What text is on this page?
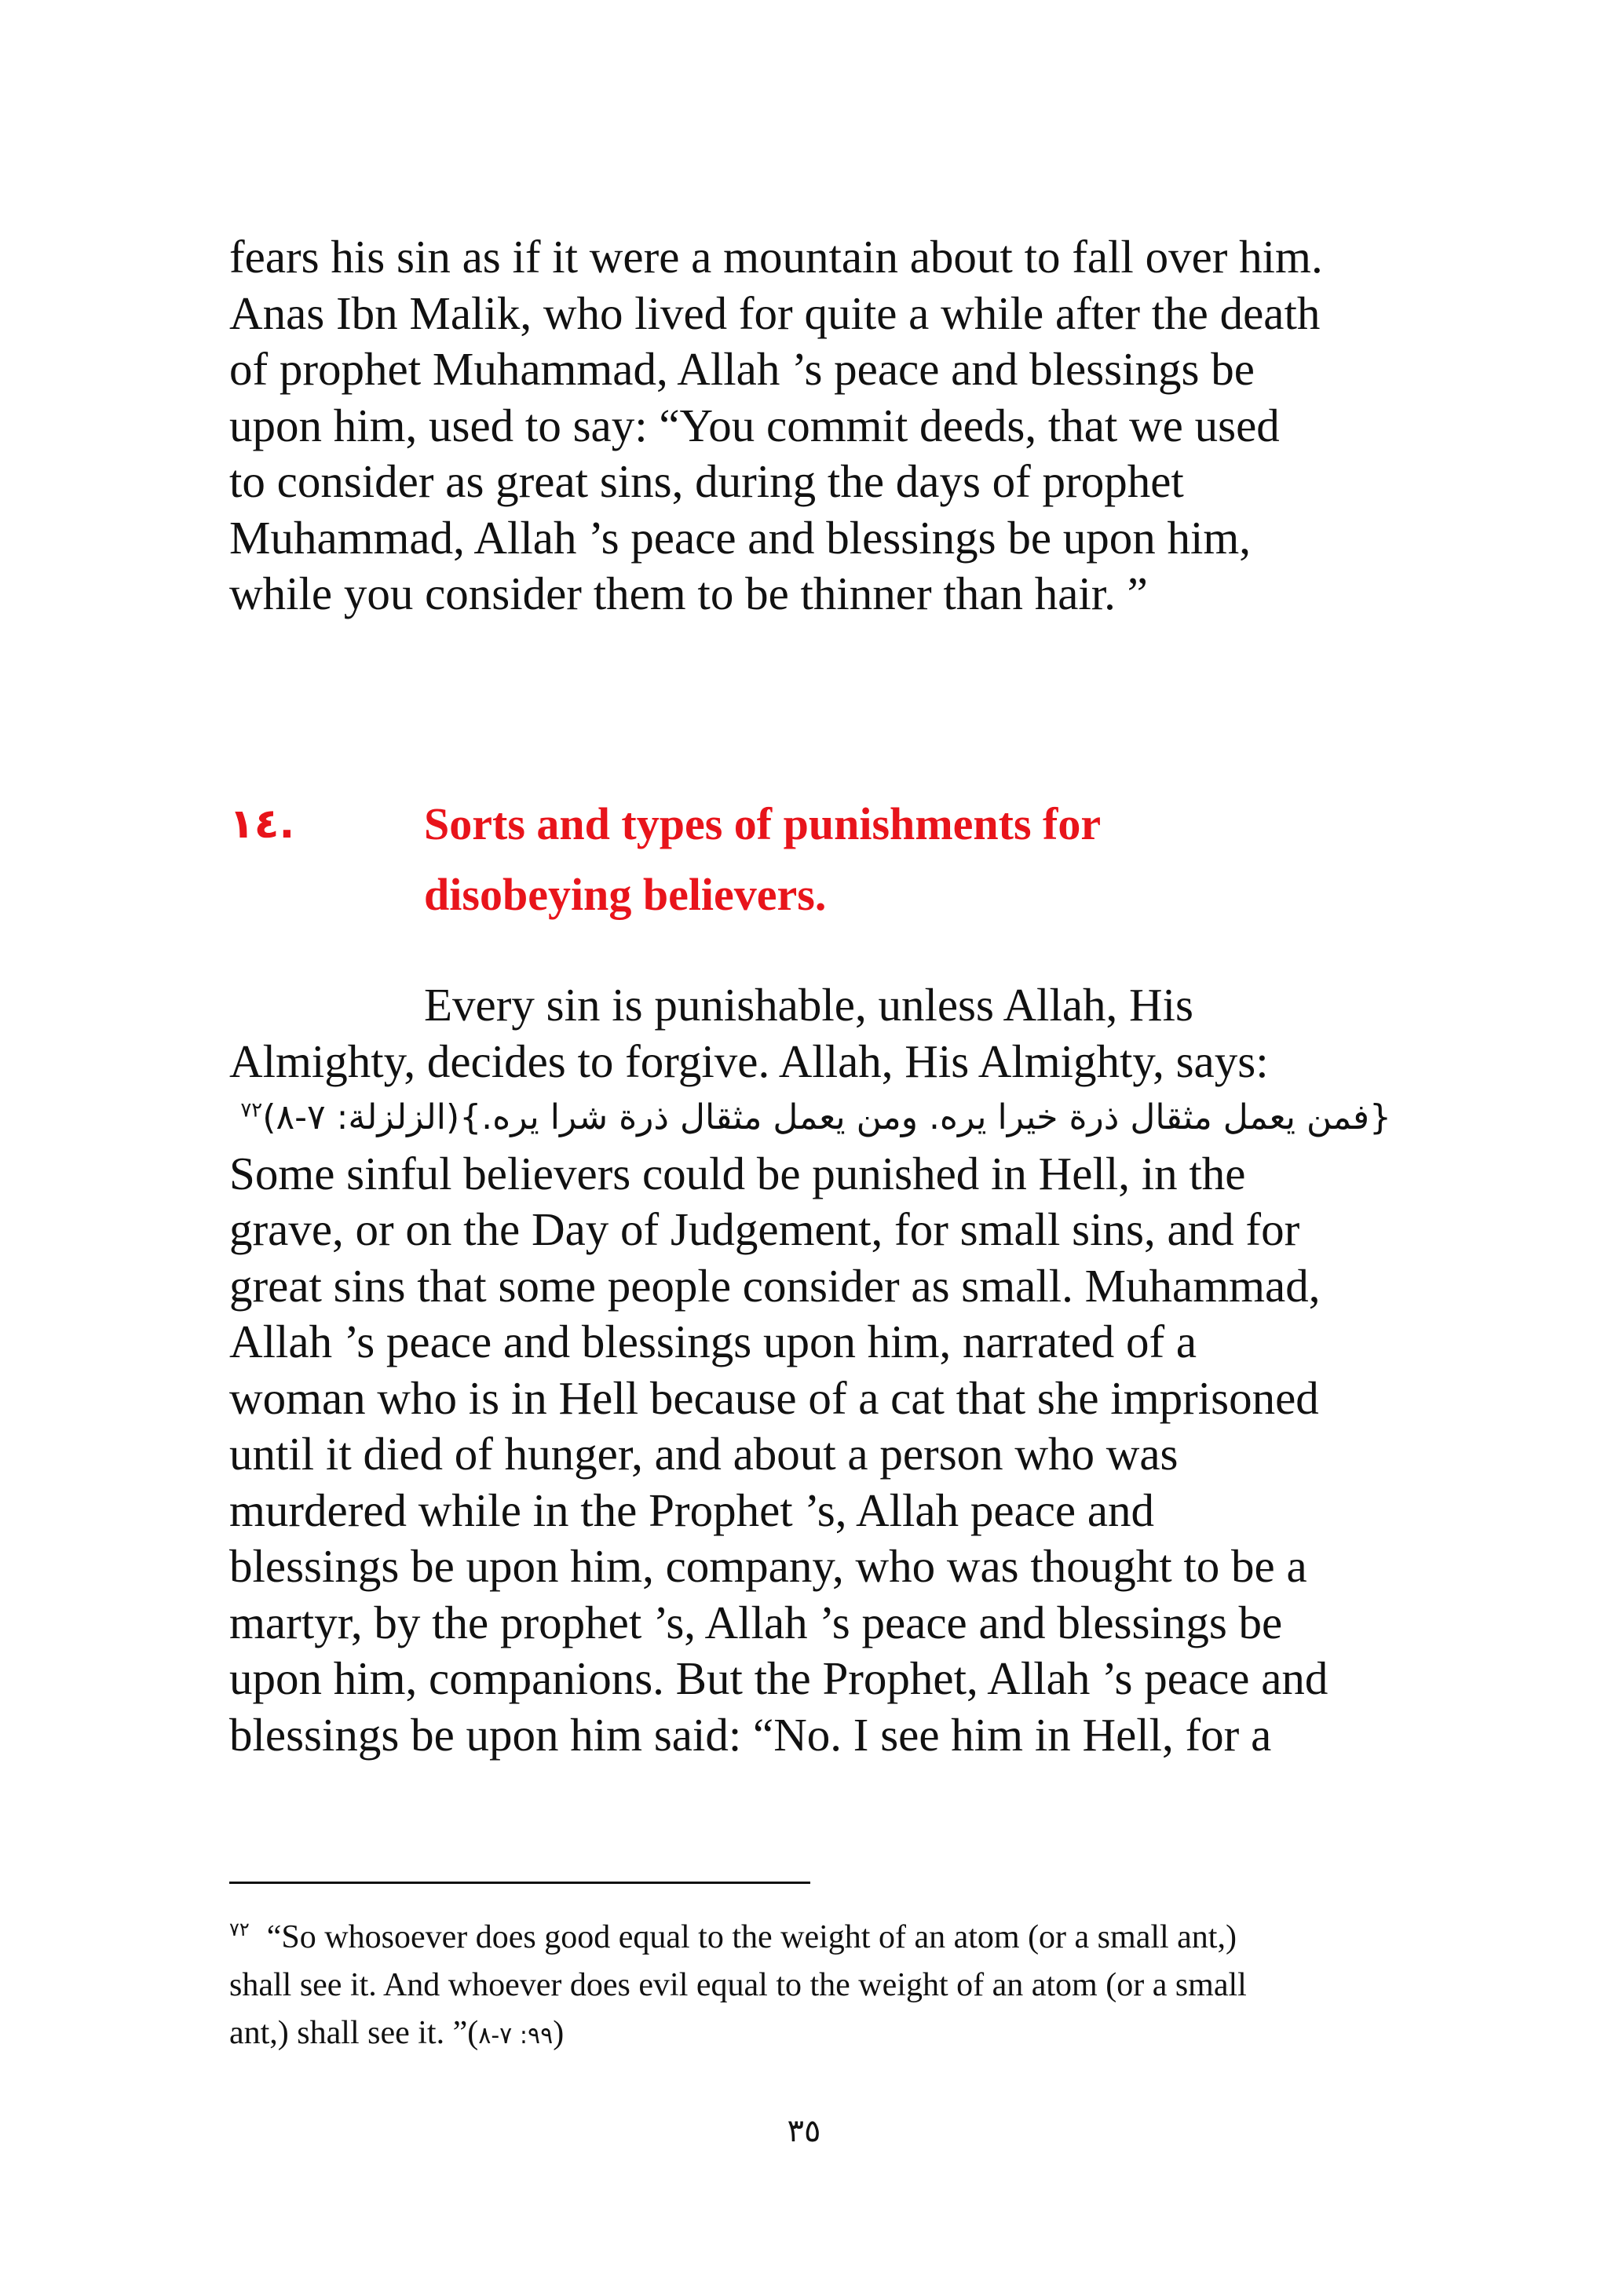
fears his sin as if it were a mountain about to fall over him.
Anas Ibn Malik, who lived for quite a while after the death
of prophet Muhammad, Allah ’s peace and blessings be
upon him, used to say: “You commit deeds, that we used
to consider as great sins, during the days of prophet
Muhammad, Allah ’s peace and blessings be upon him,
while you consider them to be thinner than hair. ”

١٤.	Sorts and types of punishments for
disobeying believers.
Every sin is punishable, unless Allah, His
Almighty, decides to forgive. Allah, His Almighty, says:
{فمن يعمل مثقال ذرة خيرا يره. ومن يعمل مثقال ذرة شرا يره.}(الزلزلة: ٧-٨)$^{٧٢}$
Some sinful believers could be punished in Hell, in the
grave, or on the Day of Judgement, for small sins, and for
great sins that some people consider as small. Muhammad,
Allah ’s peace and blessings upon him, narrated of a
woman who is in Hell because of a cat that she imprisoned
until it died of hunger, and about a person who was
murdered while in the Prophet ’s, Allah peace and
blessings be upon him, company, who was thought to be a
martyr, by the prophet ’s, Allah ’s peace and blessings be
upon him, companions. But the Prophet, Allah ’s peace and
blessings be upon him said: “No. I see him in Hell, for a
$^{٧٢}$ “So whosoever does good equal to the weight of an atom (or a small ant,)
shall see it. And whoever does evil equal to the weight of an atom (or a small
ant,) shall see it. ”(٩٩: ٧-٨)
٣٥
